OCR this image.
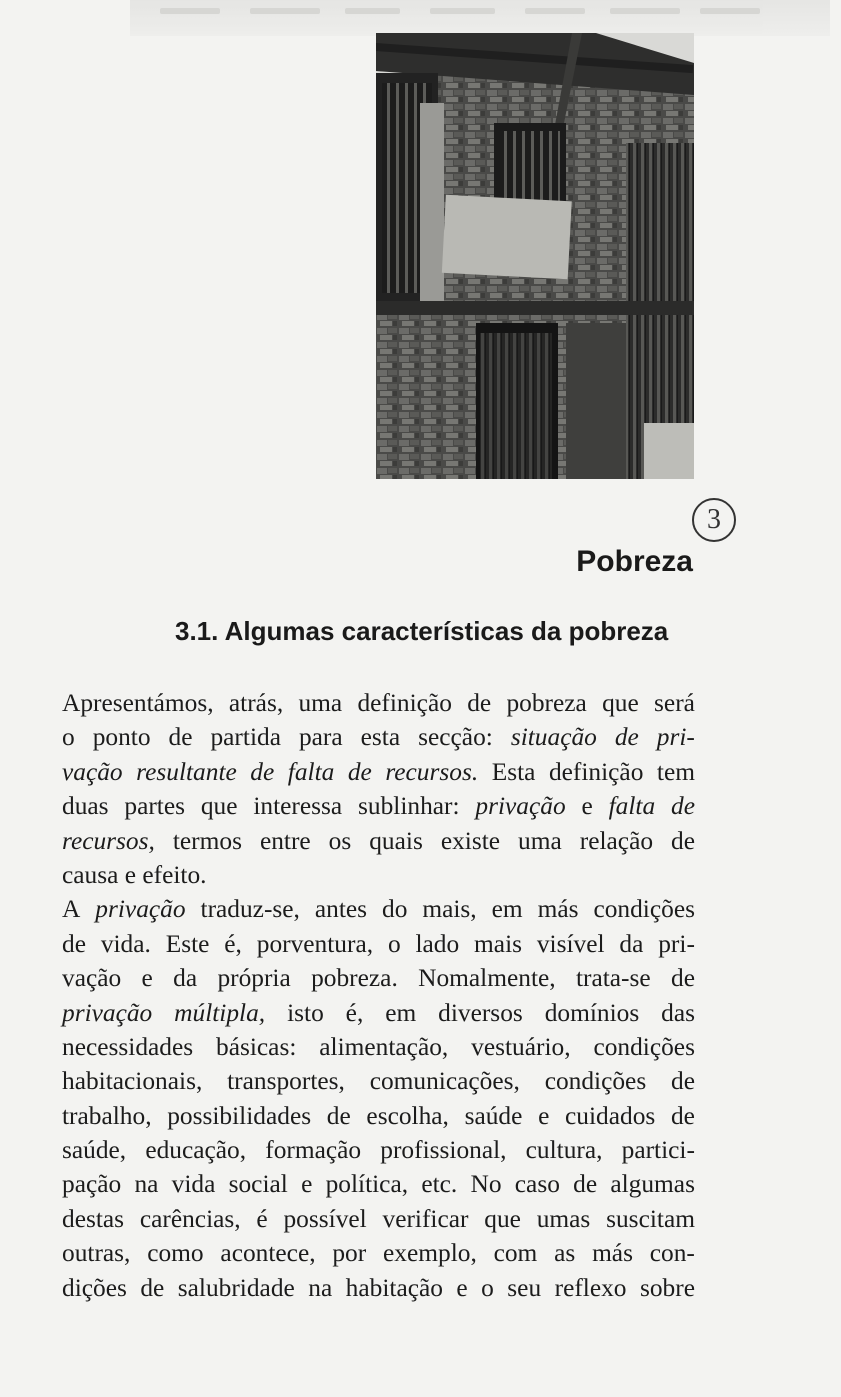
3
Pobreza
3.1. Algumas características da pobreza
Apresentámos, atrás, uma definição de pobreza que será
o ponto de partida para esta secção: situação de pri-
vação resultante de falta de recursos. Esta definição tem
duas partes que interessa sublinhar: privação e falta de
recursos, termos entre os quais existe uma relação de
causa e efeito.
A privação traduz-se, antes do mais, em más condições
de vida. Este é, porventura, o lado mais visível da pri-
vação e da própria pobreza. Nomalmente, trata-se de
privação múltipla, isto é, em diversos domínios das
necessidades básicas: alimentação, vestuário, condições
habitacionais, transportes, comunicações, condições de
trabalho, possibilidades de escolha, saúde e cuidados de
saúde, educação, formação profissional, cultura, partici-
pação na vida social e política, etc. No caso de algumas
destas carências, é possível verificar que umas suscitam
outras, como acontece, por exemplo, com as más con-
dições de salubridade na habitação e o seu reflexo sobre
